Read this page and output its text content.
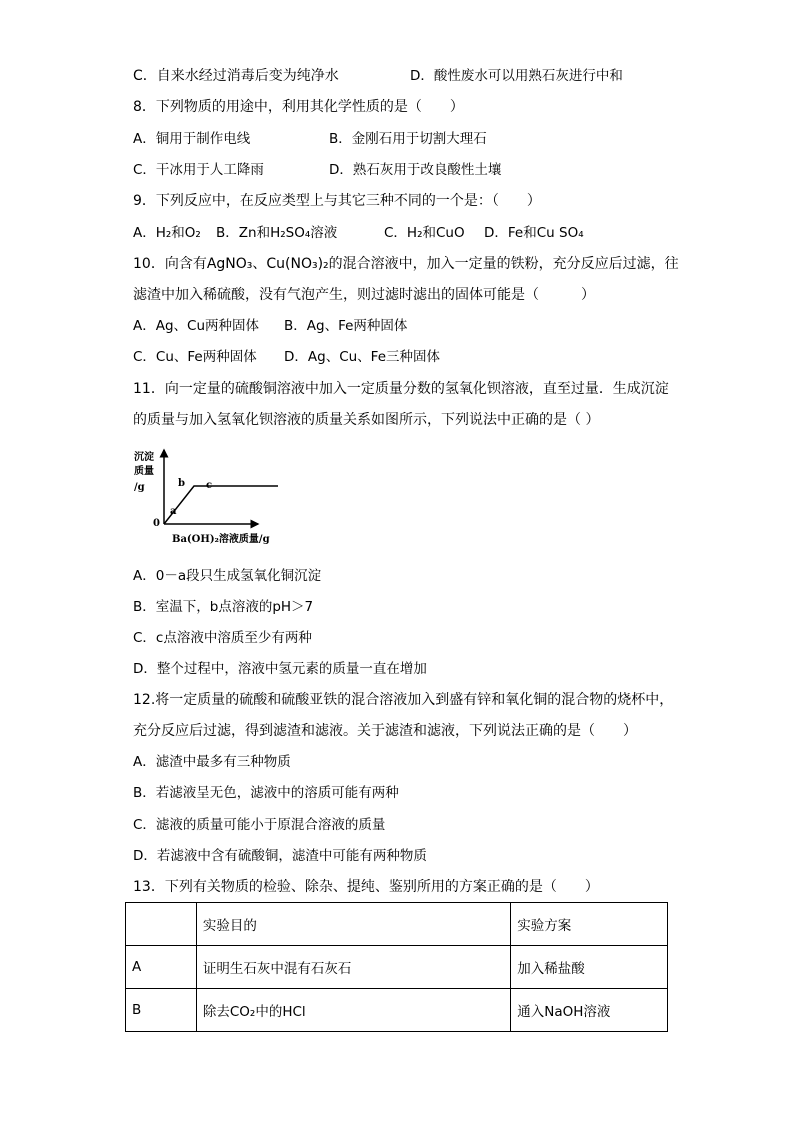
C．自来水经过消毒后变为纯净水	D．酸性废水可以用熟石灰进行中和
8．下列物质的用途中，利用其化学性质的是（　　）
A．铜用于制作电线	B．金刚石用于切割大理石
C．干冰用于人工降雨	D．熟石灰用于改良酸性土壤
9．下列反应中，在反应类型上与其它三种不同的一个是：（　　）
A．H₂和O₂ B．Zn和H₂SO₄溶液	C．H₂和CuO D．Fe和Cu SO₄
10．向含有AgNO₃、Cu(NO₃)₂的混合溶液中，加入一定量的铁粉，充分反应后过滤，往
滤渣中加入稀硫酸，没有气泡产生，则过滤时滤出的固体可能是（　　　）
A．Ag、Cu两种固体 B．Ag、Fe两种固体
C．Cu、Fe两种固体 D．Ag、Cu、Fe三种固体
11．向一定量的硫酸铜溶液中加入一定质量分数的氢氧化钡溶液，直至过量．生成沉淀
的质量与加入氢氧化钡溶液的质量关系如图所示，下列说法中正确的是（ ）
沉淀
质量
/g
0
a
b c
Ba(OH)₂溶液质量/g
A．0－a段只生成氢氧化铜沉淀
B．室温下，b点溶液的pH＞7
C．c点溶液中溶质至少有两种
D．整个过程中，溶液中氢元素的质量一直在增加
12.将一定质量的硫酸和硫酸亚铁的混合溶液加入到盛有锌和氧化铜的混合物的烧杯中，
充分反应后过滤，得到滤渣和滤液。关于滤渣和滤液，下列说法正确的是（　　）
A．滤渣中最多有三种物质
B．若滤液呈无色，滤液中的溶质可能有两种
C．滤液的质量可能小于原混合溶液的质量
D．若滤液中含有硫酸铜，滤渣中可能有两种物质
13．下列有关物质的检验、除杂、提纯、鉴别所用的方案正确的是（　　）
	实验目的	实验方案
A	证明生石灰中混有石灰石	加入稀盐酸
B	除去CO₂中的HCl	通入NaOH溶液
